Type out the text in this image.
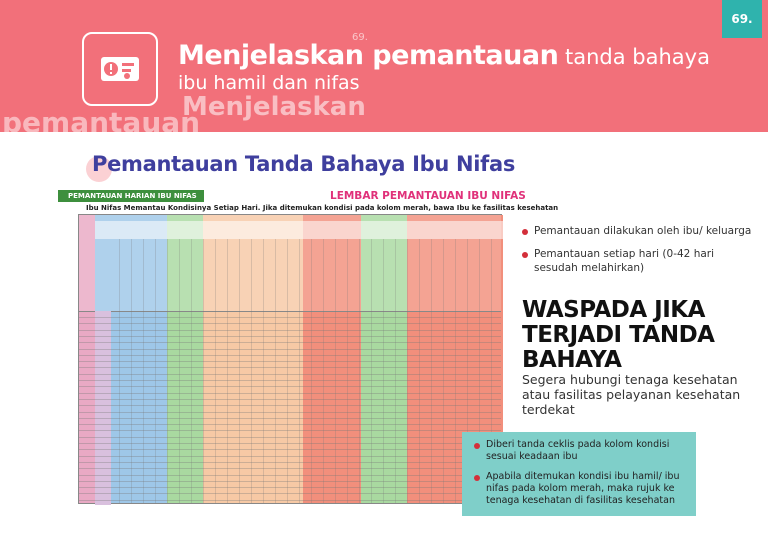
69.
69.
Menjelaskan
pemantauan
Menjelaskan pemantauan tanda bahaya
ibu hamil dan nifas
Pemantauan Tanda Bahaya Ibu Nifas
PEMANTAUAN HARIAN IBU NIFAS	LEMBAR PEMANTAUAN IBU NIFAS
Ibu Nifas Memantau Kondisinya Setiap Hari. Jika ditemukan kondisi pada kolom merah, bawa Ibu ke fasilitas kesehatan
Pemantauan dilakukan oleh ibu/ keluarga
Pemantauan setiap hari (0-42 hari sesudah melahirkan)
WASPADA JIKA
TERJADI TANDA
BAHAYA
Segera hubungi tenaga kesehatan atau fasilitas pelayanan kesehatan terdekat
Diberi tanda ceklis pada kolom kondisi sesuai keadaan ibu
Apabila ditemukan kondisi ibu hamil/ ibu nifas pada kolom merah, maka rujuk ke tenaga kesehatan di fasilitas kesehatan
